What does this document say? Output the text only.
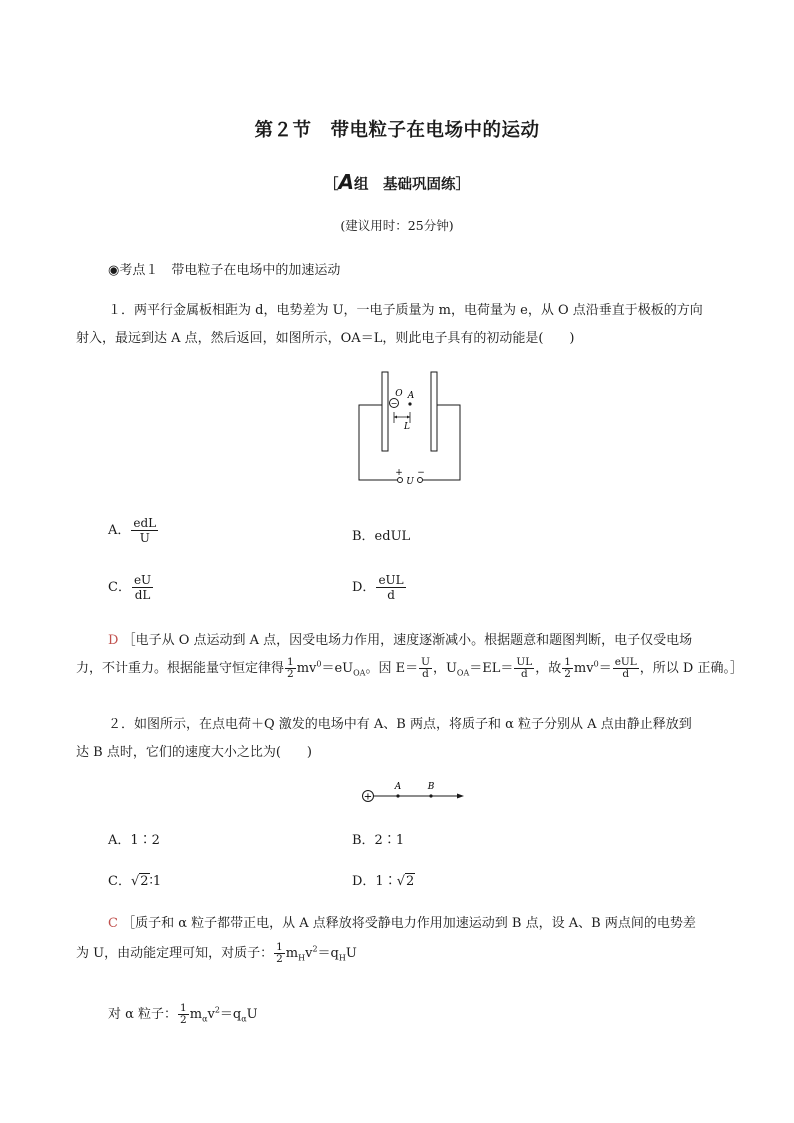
第２节　带电粒子在电场中的运动
［A组　基础巩固练］
(建议用时：25分钟)
◉考点１　带电粒子在电场中的加速运动
１．两平行金属板相距为 d，电势差为 U，一电子质量为 m，电荷量为 e，从 O 点沿垂直于极板的方向
射入，最远到达 A 点，然后返回，如图所示，OA＝L，则此电子具有的初动能是(　　)
+ −
U
−
O A
L
A． $\frac{\text{edL}}{U}$	B．edUL
C． $\frac{eU}{dL}$	D． $\frac{\text{eUL}}{d}$
D ［电子从 O 点运动到 A 点，因受电场力作用，速度逐渐减小。根据题意和题图判断，电子仅受电场
力，不计重力。根据能量守恒定律得 $\frac{1}{2} mv^0=eU_{OA}$。因 $E= \frac{U}{d}$ ，$U_{OA}=EL= \frac{UL}{d}$ ，故 $\frac{1}{2} mv^0= \frac{\text{eUL}}{d}$ ，所以 D 正确。］
２．如图所示，在点电荷＋Q 激发的电场中有 A、B 两点，将质子和 α 粒子分别从 A 点由静止释放到
达 B 点时，它们的速度大小之比为(　　)
+
A	B
A．1∶2	B．2∶1
C．√2∶1	D．1∶√2
C ［质子和 α 粒子都带正电，从 A 点释放将受静电力作用加速运动到 B 点，设 A、B 两点间的电势差
为 U，由动能定理可知，对质子： $\frac{1}{2} m_Hv^2=q_HU$
对 α 粒子： $\frac{1}{2} m_\alpha v^2=q_\alpha U$
